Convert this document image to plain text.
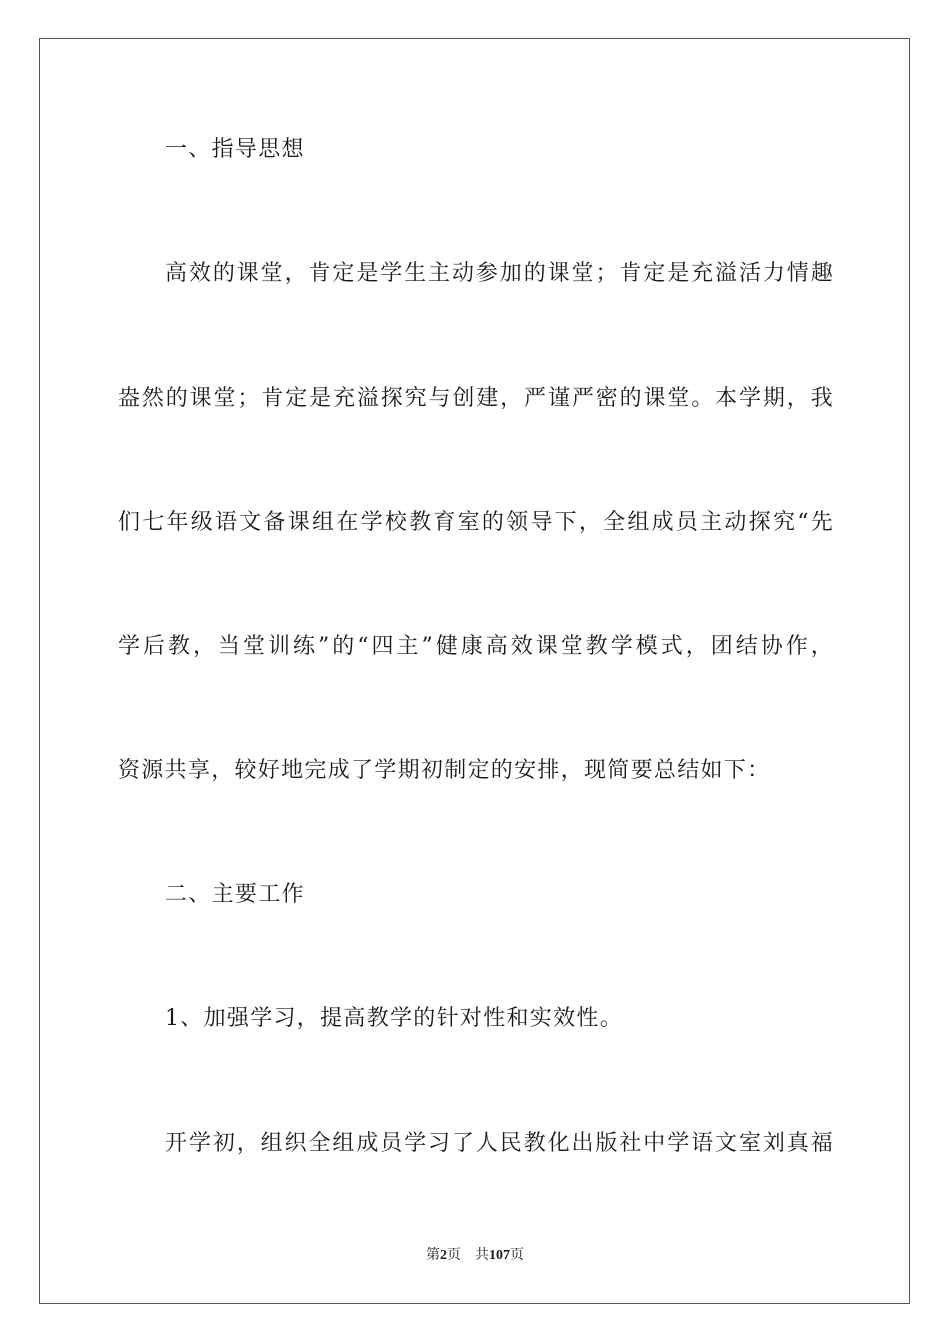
一、指导思想
高效的课堂，肯定是学生主动参加的课堂；肯定是充溢活力情趣
盎然的课堂；肯定是充溢探究与创建，严谨严密的课堂。本学期，我
们七年级语文备课组在学校教育室的领导下，全组成员主动探究“先
学后教，当堂训练”的“四主”健康高效课堂教学模式，团结协作，
资源共享，较好地完成了学期初制定的安排，现简要总结如下：
二、主要工作
1、加强学习，提高教学的针对性和实效性。
开学初，组织全组成员学习了人民教化出版社中学语文室刘真福
第2页 共107页
